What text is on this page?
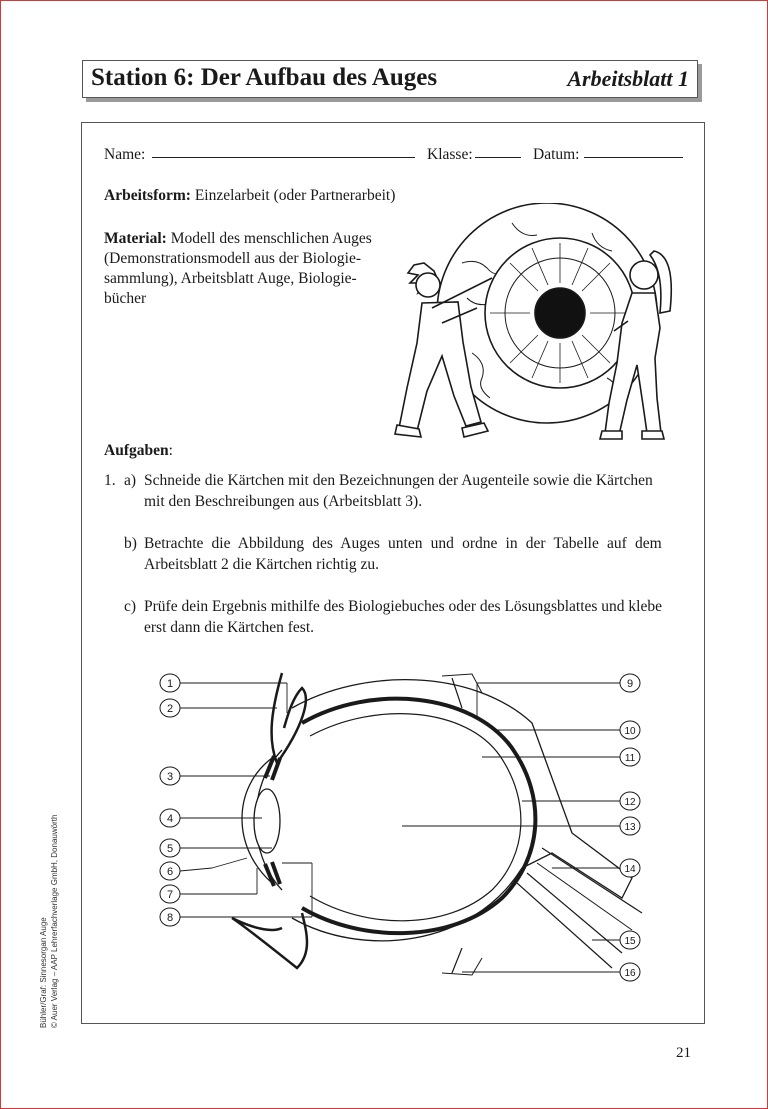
Station 6: Der Aufbau des Auges	Arbeitsblatt 1
Name:	Klasse:	Datum:
Arbeitsform: Einzelarbeit (oder Partnerarbeit)
Material: Modell des menschlichen Auges
(Demonstrationsmodell aus der Biologie-
sammlung), Arbeitsblatt Auge, Biologie-
bücher
Aufgaben:
1. a) Schneide die Kärtchen mit den Bezeichnungen der Augenteile sowie die Kärtchen
mit den Beschreibungen aus (Arbeitsblatt 3).
b) Betrachte die Abbildung des Auges unten und ordne in der Tabelle auf dem
Arbeitsblatt 2 die Kärtchen richtig zu.
c) Prüfe dein Ergebnis mithilfe des Biologiebuches oder des Lösungsblattes und klebe
erst dann die Kärtchen fest.
1
2
3
4
5
6
7
8
9
10
11
12
13
14
15
16
Bühler/Graf: Sinnesorgan Auge © Auer Verlag – AAP Lehrerfachverlage GmbH, Donauwörth
21
